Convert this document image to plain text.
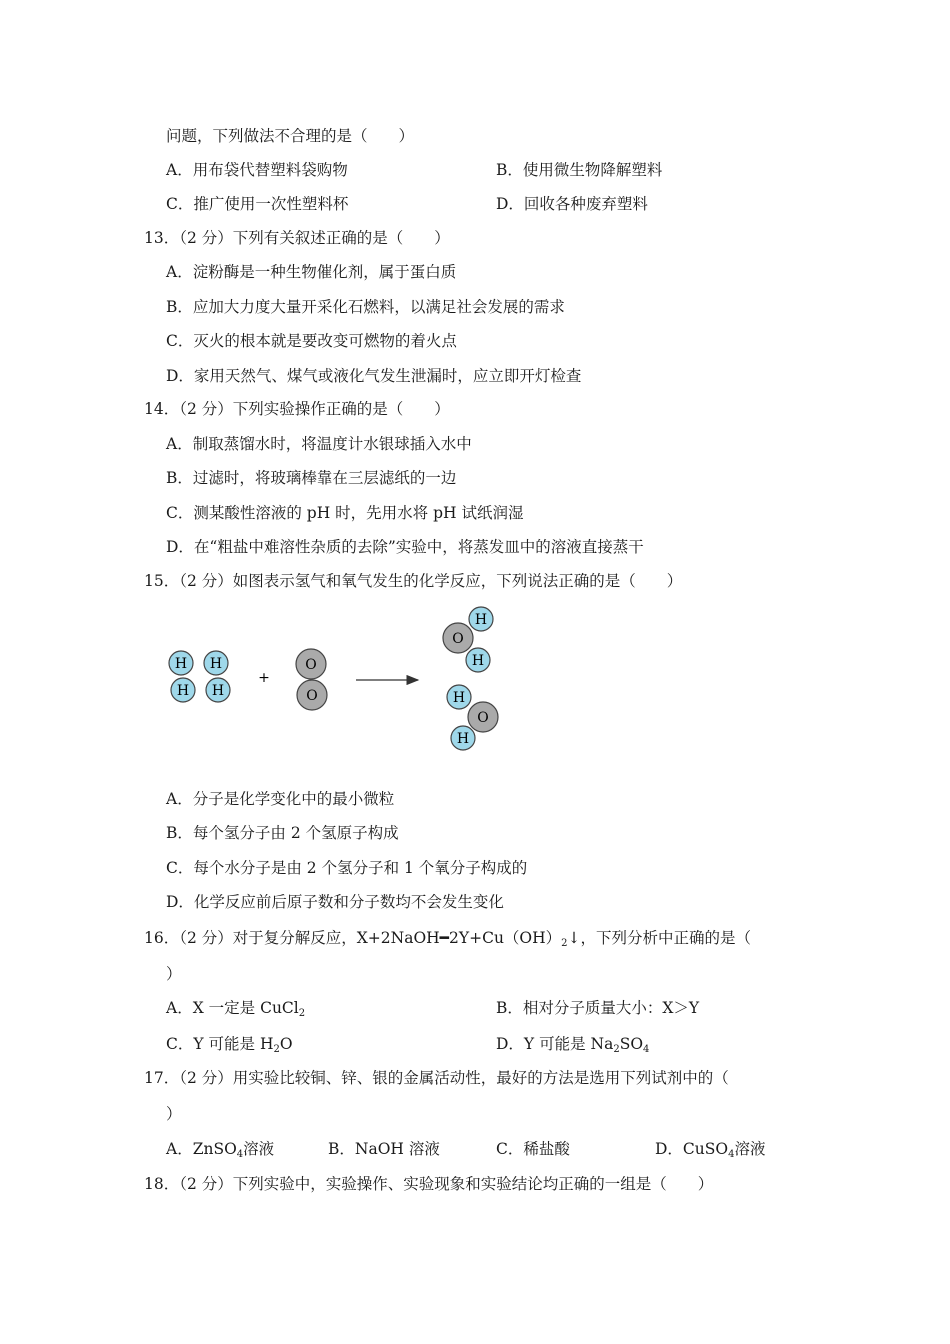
问题，下列做法不合理的是（　　）
A．用布袋代替塑料袋购物	B．使用微生物降解塑料
C．推广使用一次性塑料杯	D．回收各种废弃塑料
13．（2 分）下列有关叙述正确的是（　　）
A．淀粉酶是一种生物催化剂，属于蛋白质
B．应加大力度大量开采化石燃料，以满足社会发展的需求
C．灭火的根本就是要改变可燃物的着火点
D．家用天然气、煤气或液化气发生泄漏时，应立即开灯检查
14．（2 分）下列实验操作正确的是（　　）
A．制取蒸馏水时，将温度计水银球插入水中
B．过滤时，将玻璃棒靠在三层滤纸的一边
C．测某酸性溶液的 pH 时，先用水将 pH 试纸润湿
D．在“粗盐中难溶性杂质的去除”实验中，将蒸发皿中的溶液直接蒸干
15．（2 分）如图表示氢气和氧气发生的化学反应，下列说法正确的是（　　）
H
H
H
H
+
O
O
O
H
H
O
H
H
A．分子是化学变化中的最小微粒
B．每个氢分子由 2 个氢原子构成
C．每个水分子是由 2 个氢分子和 1 个氧分子构成的
D．化学反应前后原子数和分子数均不会发生变化
16．（2 分）对于复分解反应，$X+2NaOH━2Y+Cu(OH)_2↓$，下列分析中正确的是（
）
A．X 一定是 CuCl$_2$	B．相对分子质量大小：X＞Y
C．Y 可能是 $H_2O$	D．Y 可能是 $Na_2SO_4$
17．（2 分）用实验比较铜、锌、银的金属活动性，最好的方法是选用下列试剂中的（
）
A．ZnSO$_4$溶液	B．NaOH 溶液	C．稀盐酸	D．CuSO$_4$溶液
18．（2 分）下列实验中，实验操作、实验现象和实验结论均正确的一组是（　　）
